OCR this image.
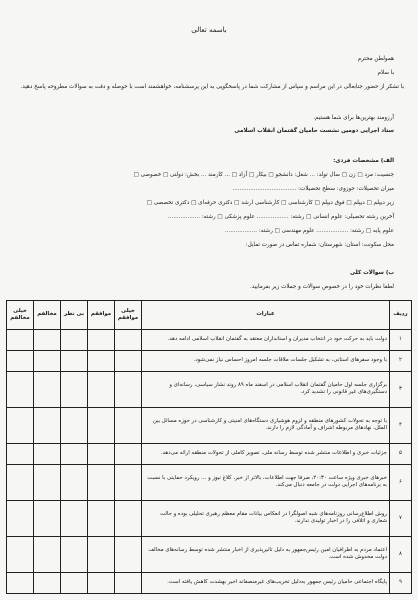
باسمه تعالی
همولطن محترم
با سلام
با تشکر از حضور جنابعالی در این مراسم و سپاس از مشارکت شما در پاسخگویی به این پرسشنامه، خواهشمند است با حوصله و دقت به سوالات مطروحه پاسخ دهید.
آرزومند بهترین‌ها برای شما هستیم.
ستاد اجرایی دومین نشست حامیان گفتمان انقلاب اسلامی
الف) مشخصات فردی:
جنسیت: مرد □ زن □ سال تولد: ... شغل: دانشجو □ بیکار □ آزاد □ ... کارمند ... بخش: دولتی □ خصوصی □
میزان تحصیلات: حوزوی: سطح تحصیلات: ....................................
زیر دیپلم □ دیپلم □ فوق دیپلم □ کارشناسی □ کارشناسی ارشد □ دکتری حرفه‌ای □ دکتری تخصصی □
آخرین رشته تحصیلی: علوم انسانی □ رشته: .................. علوم پزشکی □ رشته: ..................
علوم پایه □ رشته: .................. علوم مهندسی □ رشته: ..................
محل سکونت: استان: شهرستان: شماره تماس در صورت تمایل:
ب) سوالات کلی
لطفا نظرات خود را در خصوص سوالات و جملات زیر بفرمایید.
ردیف	عبارات	خیلی موافقم	موافقم	بی نظر	مخالفم	خیلی مخالفم
۱	دولت باید به حرکت خود در انتخاب مدیران و استانداران معتقد به گفتمان انقلاب اسلامی ادامه دهد.					
۲	با وجود سفرهای استانی، به تشکیل جلسات ملاقات جلسه امروز احساس نیاز نمی‌شود.					
۳	برگزاری جلسه اول حامیان گفتمان انقلاب اسلامی در اسفند ماه ۸۹ روند نشار سیاسی، رسانه‌ای و دستگیری‌های غیر قانونی را تشدید کرد.					
۴	با توجه به تحولات کشورهای منطقه و لزوم هوشیاری دستگاه‌های امنیتی و کارشناسی در حوزه مسائل بین الملل، نهادهای مربوطه اشراف و آمادگی لازم را دارند.					
۵	جزئیات خبری و اطلاعات منتشر شده توسط رسانه ملی، تصویر کاملی از تحولات منطقه ارائه می‌دهد.					
۶	خبرهای خبری ویژه ساعت ۲۰:۳۰، صرفا جهت اطلاعات، بالاتر از خبر، کلاغ نیوز و ... رویکرد حمایتی با نسبت به برنامه‌های اجرایی دولت در جامعه دنبال می‌کند.					
۷	روش اطلاع‌رسانی روزنامه‌های شبه اصولگرا در انعکاس بیانات مقام معظم رهبری تحلیلی بوده و حالت شعاری و اتلافی را در اخبار تولیدی ندارند.					
۸	اعتماد مردم به اطرافیان امین رئیس‌جمهور به دلیل تاثیرپذیری از اخبار منتشر شده توسط رسانه‌های مخالف دولت مخدوش شده است.					
۹	پایگاه اجتماعی حامیان رئیس جمهور به‌دلیل تخریب‌های غیرمنصفانه اخیر بهشدت کاهش یافته است.					
